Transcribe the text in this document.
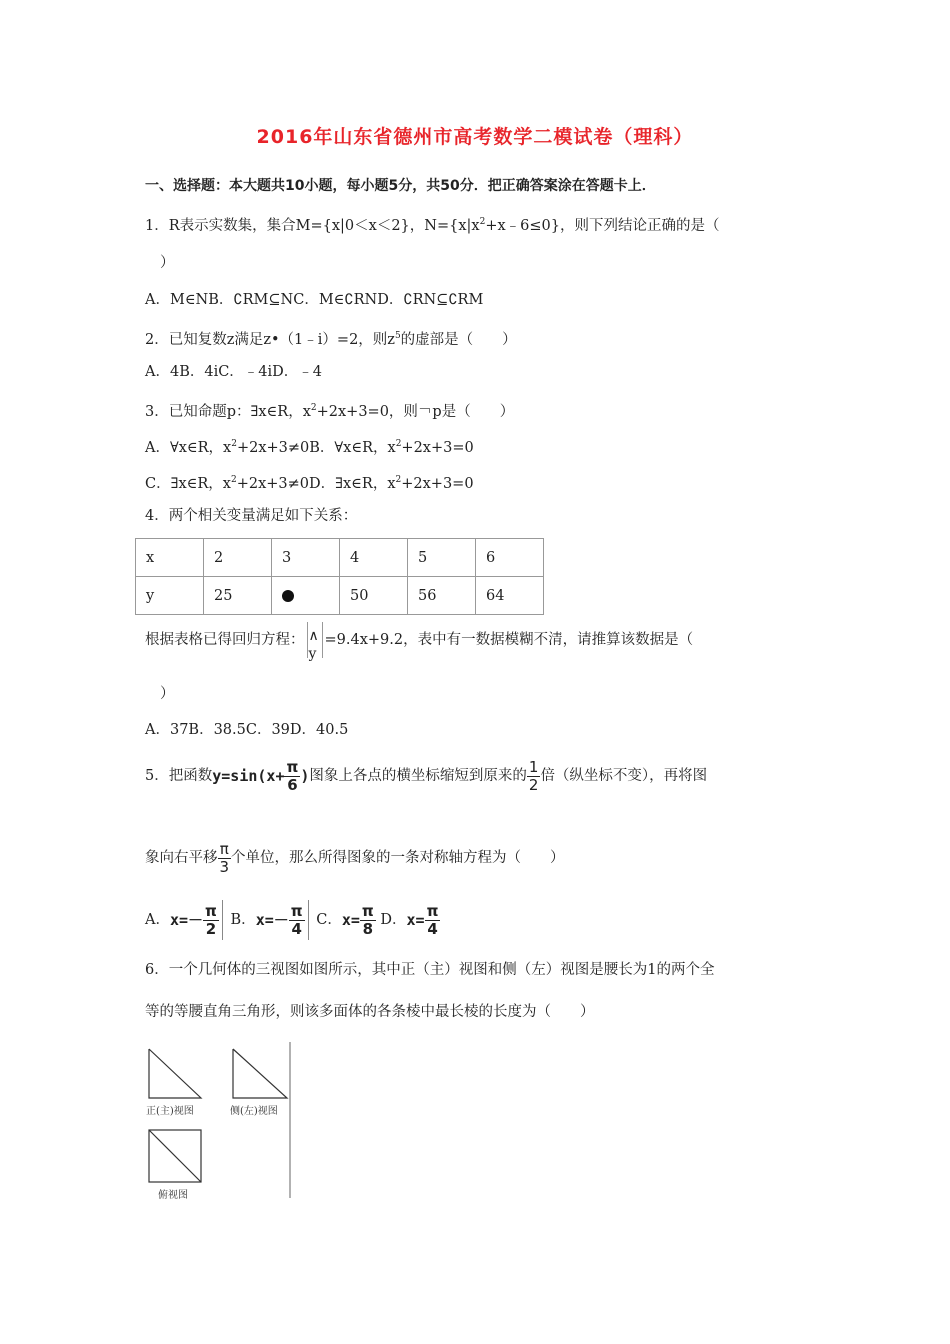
2016年山东省德州市高考数学二模试卷（理科）
一、选择题：本大题共10小题，每小题5分，共50分．把正确答案涂在答题卡上．
1．R表示实数集，集合M={x|0＜x＜2}，$N=\{x|x^2+x﹣6\le 0\}$，则下列结论正确的是（
）
A．M∈NB．∁RM⊆NC．M∈∁RND．∁RN⊆∁RM
2．已知复数z满足z•（1﹣i）=2，则$z^5$的虚部是（　　）
A．4B．4iC．﹣4iD．﹣4
3．已知命题p：∃x∈R，$x^2+2x+3=0$，则￢p是（　　）
A．∀x∈R，$x^2+2x+3\ne 0B$．∀x∈R，$x^2+2x+3=0$
C．∃x∈R，$x^2+2x+3\ne 0D$．∃x∈R，$x^2+2x+3=0$
4．两个相关变量满足如下关系：
x	2	3	4	5	6
y	25		50	56	64
根据表格已得回归方程： ∧
y
=9.4x+9.2，表中有一数据模糊不清，请推算该数据是（
）
A．37B．38.5C．39D．40.5
5．把函数$y=\sin(x+ \frac{\pi}{6}$ )图象上各点的横坐标缩短到原来的 $\frac{1}{2}$ 倍（纵坐标不变），再将图
象向右平移 $\frac{\pi}{3}$ 个单位，那么所得图象的一条对称轴方程为（　　）
A．$x=- \frac{\pi}{2}$ B．$x=- \frac{\pi}{4}$ C．$x= \frac{\pi}{8}$ D．$x= \frac{\pi}{4}$
6．一个几何体的三视图如图所示，其中正（主）视图和侧（左）视图是腰长为1的两个全
等的等腰直角三角形，则该多面体的各条棱中最长棱的长度为（　　）
正(主)视图	侧(左)视图
俯视图
